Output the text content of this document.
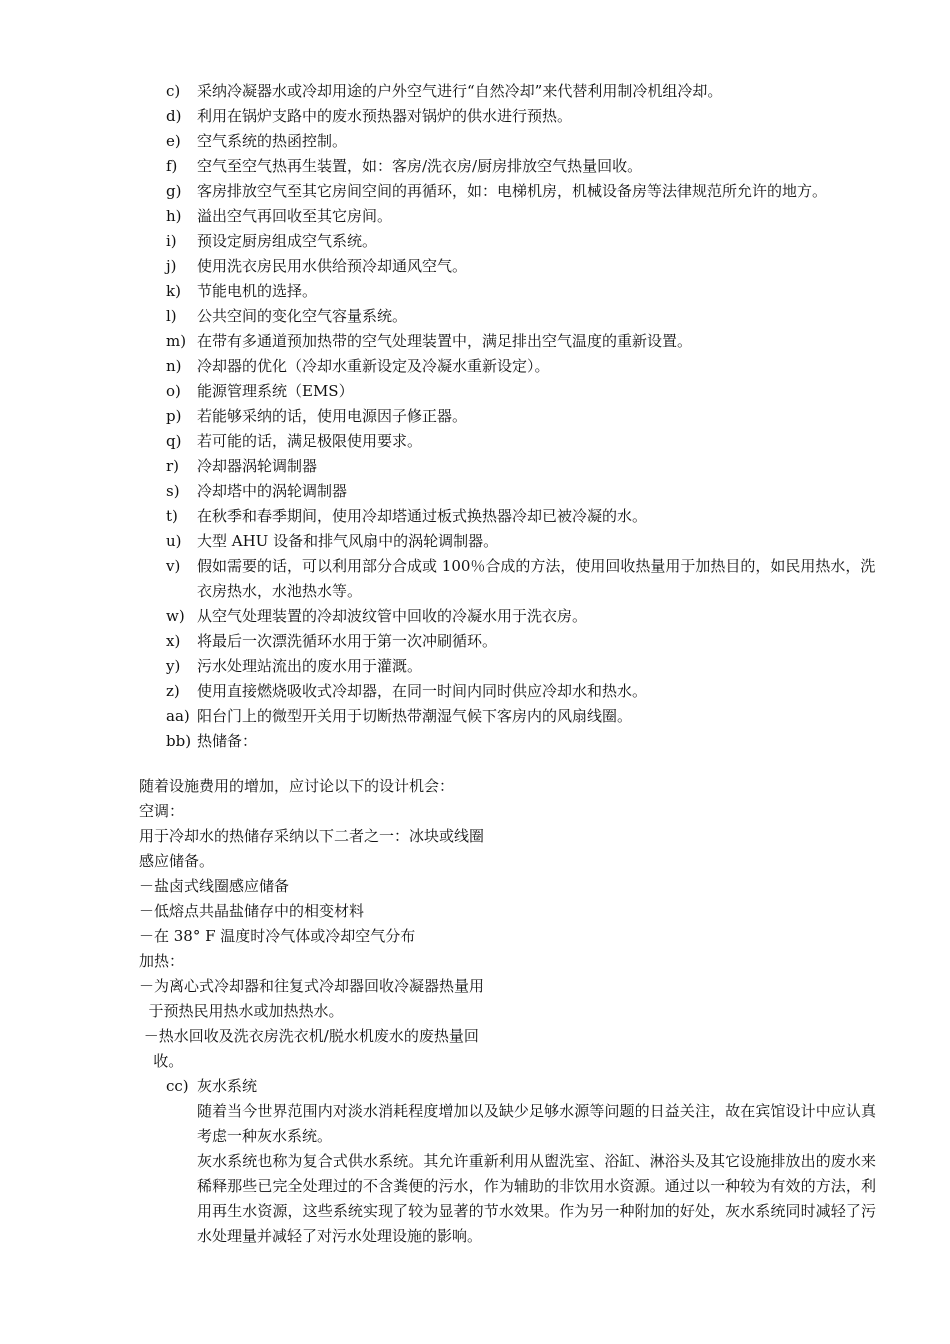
c)	采纳冷凝器水或冷却用途的户外空气进行“自然冷却”来代替利用制冷机组冷却。
d)	利用在锅炉支路中的废水预热器对锅炉的供水进行预热。
e)	空气系统的热函控制。
f)	空气至空气热再生装置，如：客房/洗衣房/厨房排放空气热量回收。
g)	客房排放空气至其它房间空间的再循环，如：电梯机房，机械设备房等法律规范所允许的地方。
h)	溢出空气再回收至其它房间。
i)	预设定厨房组成空气系统。
j)	使用洗衣房民用水供给预冷却通风空气。
k)	节能电机的选择。
l)	公共空间的变化空气容量系统。
m) 在带有多通道预加热带的空气处理装置中，满足排出空气温度的重新设置。
n)	冷却器的优化（冷却水重新设定及冷凝水重新设定）。
o)	能源管理系统（EMS）
p)	若能够采纳的话，使用电源因子修正器。
q)	若可能的话，满足极限使用要求。
r)	冷却器涡轮调制器
s)	冷却塔中的涡轮调制器
t)	在秋季和春季期间，使用冷却塔通过板式换热器冷却已被冷凝的水。
u)	大型 AHU 设备和排气风扇中的涡轮调制器。
v)	假如需要的话，可以利用部分合成或 100％合成的方法，使用回收热量用于加热目的，如民用热水，洗衣房热水，水池热水等。
w) 从空气处理装置的冷却波纹管中回收的冷凝水用于洗衣房。
x)	将最后一次漂洗循环水用于第一次冲刷循环。
y)	污水处理站流出的废水用于灌溉。
z)	使用直接燃烧吸收式冷却器，在同一时间内同时供应冷却水和热水。
aa) 阳台门上的微型开关用于切断热带潮湿气候下客房内的风扇线圈。
bb) 热储备：
随着设施费用的增加，应讨论以下的设计机会：
空调：
用于冷却水的热储存采纳以下二者之一：冰块或线圈
感应储备。
－盐卤式线圈感应储备
－低熔点共晶盐储存中的相变材料
－在 38° F 温度时冷气体或冷却空气分布
加热：
－为离心式冷却器和往复式冷却器回收冷凝器热量用
于预热民用热水或加热热水。
－热水回收及洗衣房洗衣机/脱水机废水的废热量回
收。
cc) 灰水系统
随着当今世界范围内对淡水消耗程度增加以及缺少足够水源等问题的日益关注，故在宾馆设计中应认真考虑一种灰水系统。
灰水系统也称为复合式供水系统。其允许重新利用从盥洗室、浴缸、淋浴头及其它设施排放出的废水来稀释那些已完全处理过的不含粪便的污水，作为辅助的非饮用水资源。通过以一种较为有效的方法，利用再生水资源，这些系统实现了较为显著的节水效果。作为另一种附加的好处，灰水系统同时减轻了污水处理量并减轻了对污水处理设施的影响。
